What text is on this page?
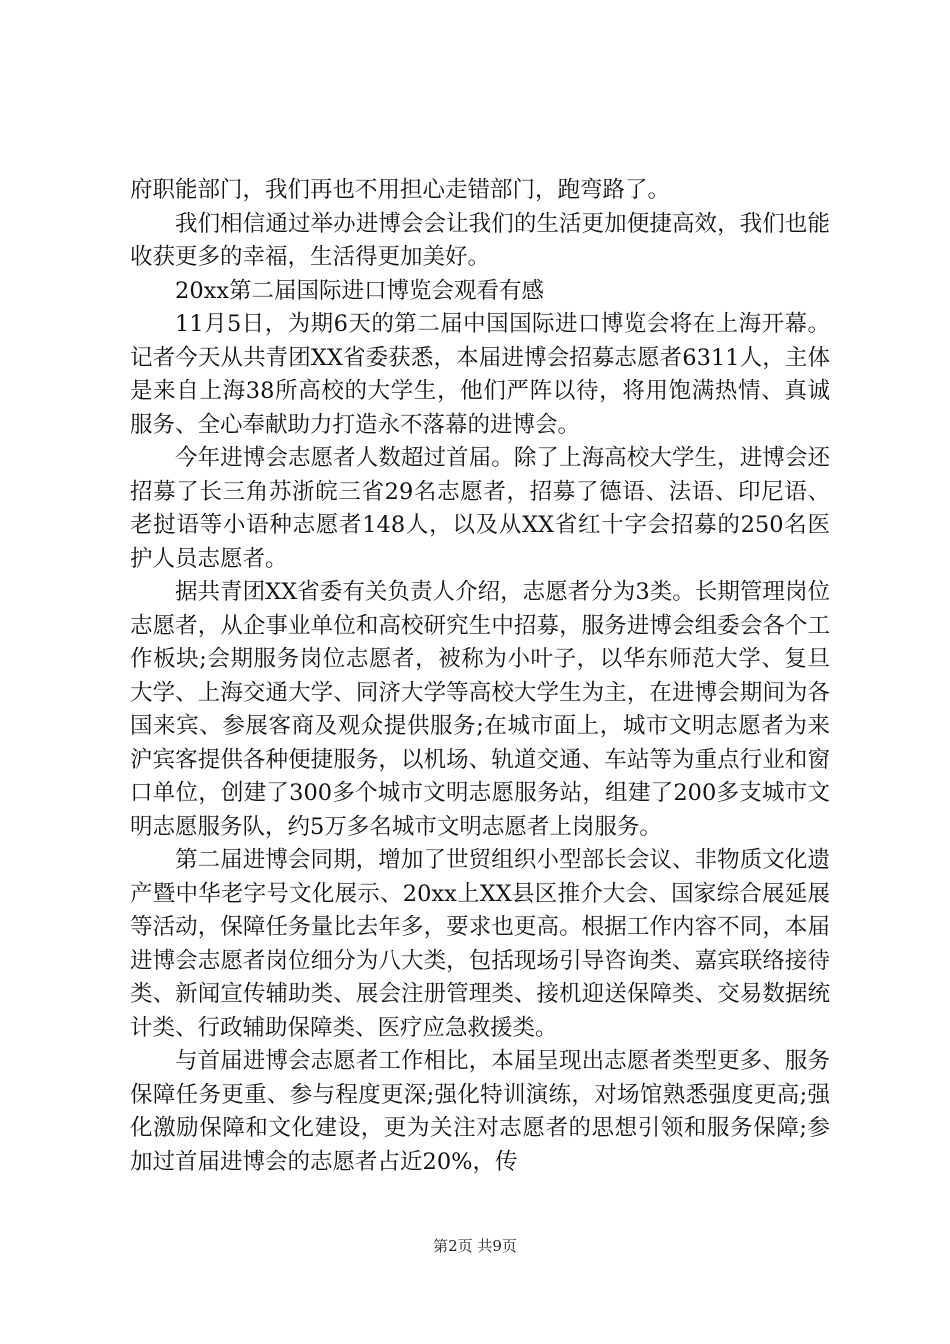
府职能部门，我们再也不用担心走错部门，跑弯路了。

我们相信通过举办进博会会让我们的生活更加便捷高效，我们也能收获更多的幸福，生活得更加美好。

20xx第二届国际进口博览会观看有感

11月5日，为期6天的第二届中国国际进口博览会将在上海开幕。记者今天从共青团XX省委获悉，本届进博会招募志愿者6311人，主体是来自上海38所高校的大学生，他们严阵以待，将用饱满热情、真诚服务、全心奉献助力打造永不落幕的进博会。

今年进博会志愿者人数超过首届。除了上海高校大学生，进博会还招募了长三角苏浙皖三省29名志愿者，招募了德语、法语、印尼语、老挝语等小语种志愿者148人，以及从XX省红十字会招募的250名医护人员志愿者。

据共青团XX省委有关负责人介绍，志愿者分为3类。长期管理岗位志愿者，从企事业单位和高校研究生中招募，服务进博会组委会各个工作板块;会期服务岗位志愿者，被称为小叶子，以华东师范大学、复旦大学、上海交通大学、同济大学等高校大学生为主，在进博会期间为各国来宾、参展客商及观众提供服务;在城市面上，城市文明志愿者为来沪宾客提供各种便捷服务，以机场、轨道交通、车站等为重点行业和窗口单位，创建了300多个城市文明志愿服务站，组建了200多支城市文明志愿服务队，约5万多名城市文明志愿者上岗服务。

第二届进博会同期，增加了世贸组织小型部长会议、非物质文化遗产暨中华老字号文化展示、20xx上XX县区推介大会、国家综合展延展等活动，保障任务量比去年多，要求也更高。根据工作内容不同，本届进博会志愿者岗位细分为八大类，包括现场引导咨询类、嘉宾联络接待类、新闻宣传辅助类、展会注册管理类、接机迎送保障类、交易数据统计类、行政辅助保障类、医疗应急救援类。

与首届进博会志愿者工作相比，本届呈现出志愿者类型更多、服务保障任务更重、参与程度更深;强化特训演练，对场馆熟悉强度更高;强化激励保障和文化建设，更为关注对志愿者的思想引领和服务保障;参加过首届进博会的志愿者占近20%，传

第2页 共9页
